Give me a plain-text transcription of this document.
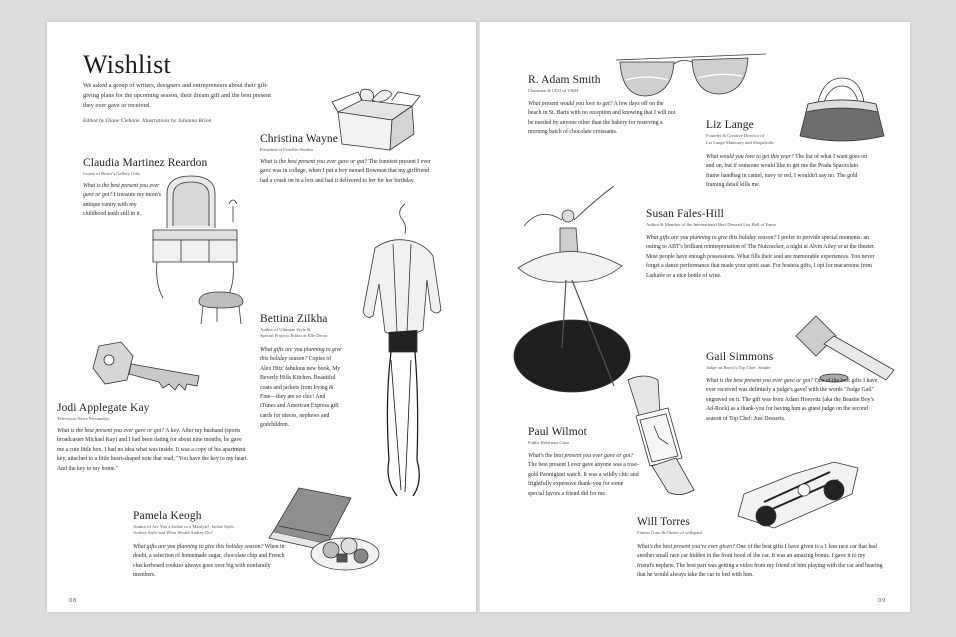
Wishlist
We asked a group of writers, designers and entrepreneurs about their gift-giving plans for the upcoming season, their dream gift and the best present they ever gave or received.
Edited by Diane Clehane. Illustrations by Julianna Brion
Christina Wayne
President of Cineflix Studios
What is the best present you ever gave or got? The funniest present I ever gave was in college, when I put a boy named Bowman that my girlfriend had a crush on in a box and had it delivered to her for her birthday.
Claudia Martinez Reardon
Costar of Bravo's Gallery Girls
What is the best present you ever gave or got? I treasure my mom's antique vanity with my childhood teeth still in it.
Bettina Zilkha
Author of Ultimate Style &
Special Projects Editor at Elle Decor
What gifts are you planning to give this holiday season? Copies of Alex Hitz' fabulous new book, My Beverly Hills Kitchen. Beautiful coats and jackets from Irving & Fine—they are so chic! And iTunes and American Express gift cards for nieces, nephews and godchildren.
Jodi Applegate Kay
Television News Personality
What is the best present you ever gave or got? A key. After my husband (sports broadcaster Michael Kay) and I had been dating for about nine months, he gave me a cute little box. I had no idea what was inside. It was a copy of his apartment key, attached to a little heart-shaped note that read, "You have the key to my heart. And the key to my home."
Pamela Keogh
Author of Are You a Jackie or a Marilyn?, Jackie Style,
Audrey Style and What Would Audrey Do?
What gifts are you planning to give this holiday season? When in doubt, a selection of homemade sugar, chocolate chip and French checkerboard cookies always goes over big with nonfamily members.
08
R. Adam Smith
Chairman & CEO of V&M
What present would you love to get? A few days off on the beach in St. Barts with no reception and knowing that I will not be needed by anyone other than the bakery for reserving a morning batch of chocolate croissants.
Liz Lange
Founder & Creative Director of
Liz Lange Maternity and Shopafrolic
What would you love to get this year? The list of what I want goes on and on, but if someone would like to get me the Prada Spazzolato frame handbag in camel, navy or red, I wouldn't say no. The gold framing detail kills me.
Susan Fales-Hill
Author & Member of the International Best Dressed List Hall of Fame
What gifts are you planning to give this holiday season? I prefer to provide special moments: an outing to ABT's brilliant reinterpretation of The Nutcracker, a night at Alvin Ailey or at the theater. Most people have enough possessions. What fills their soul are memorable experiences. You never forget a dance performance that made your spirit soar. For hostess gifts, I opt for macaroons from Ladurée or a nice bottle of wine.
Gail Simmons
Judge on Bravo's Top Chef: Seattle
What is the best present you ever gave or got? One of the best gifts I have ever received was definitely a judge's gavel with the words "Judge Gail" engraved on it. The gift was from Adam Horovitz (aka the Beastie Boy's Ad-Rock) as a thank-you for having him as guest judge on the second season of Top Chef: Just Desserts.
Paul Wilmot
Public Relations Guru
What's the best present you ever gave or got? The best present I ever gave anyone was a rose-gold Parmigiani watch. It was a wildly chic and frightfully expensive thank-you for some special favors a friend did for me.
Will Torres
Fitness Guru & Owner of willspace
What's the best present you've ever given? One of the best gifts I have given is a 1 less race car that had another small race car hidden in the front hood of the car. It was an amazing bonus. I gave it to my friend's nephew. The best part was getting a video from my friend of him playing with the car and hearing that he would always take the car to bed with him.
09
